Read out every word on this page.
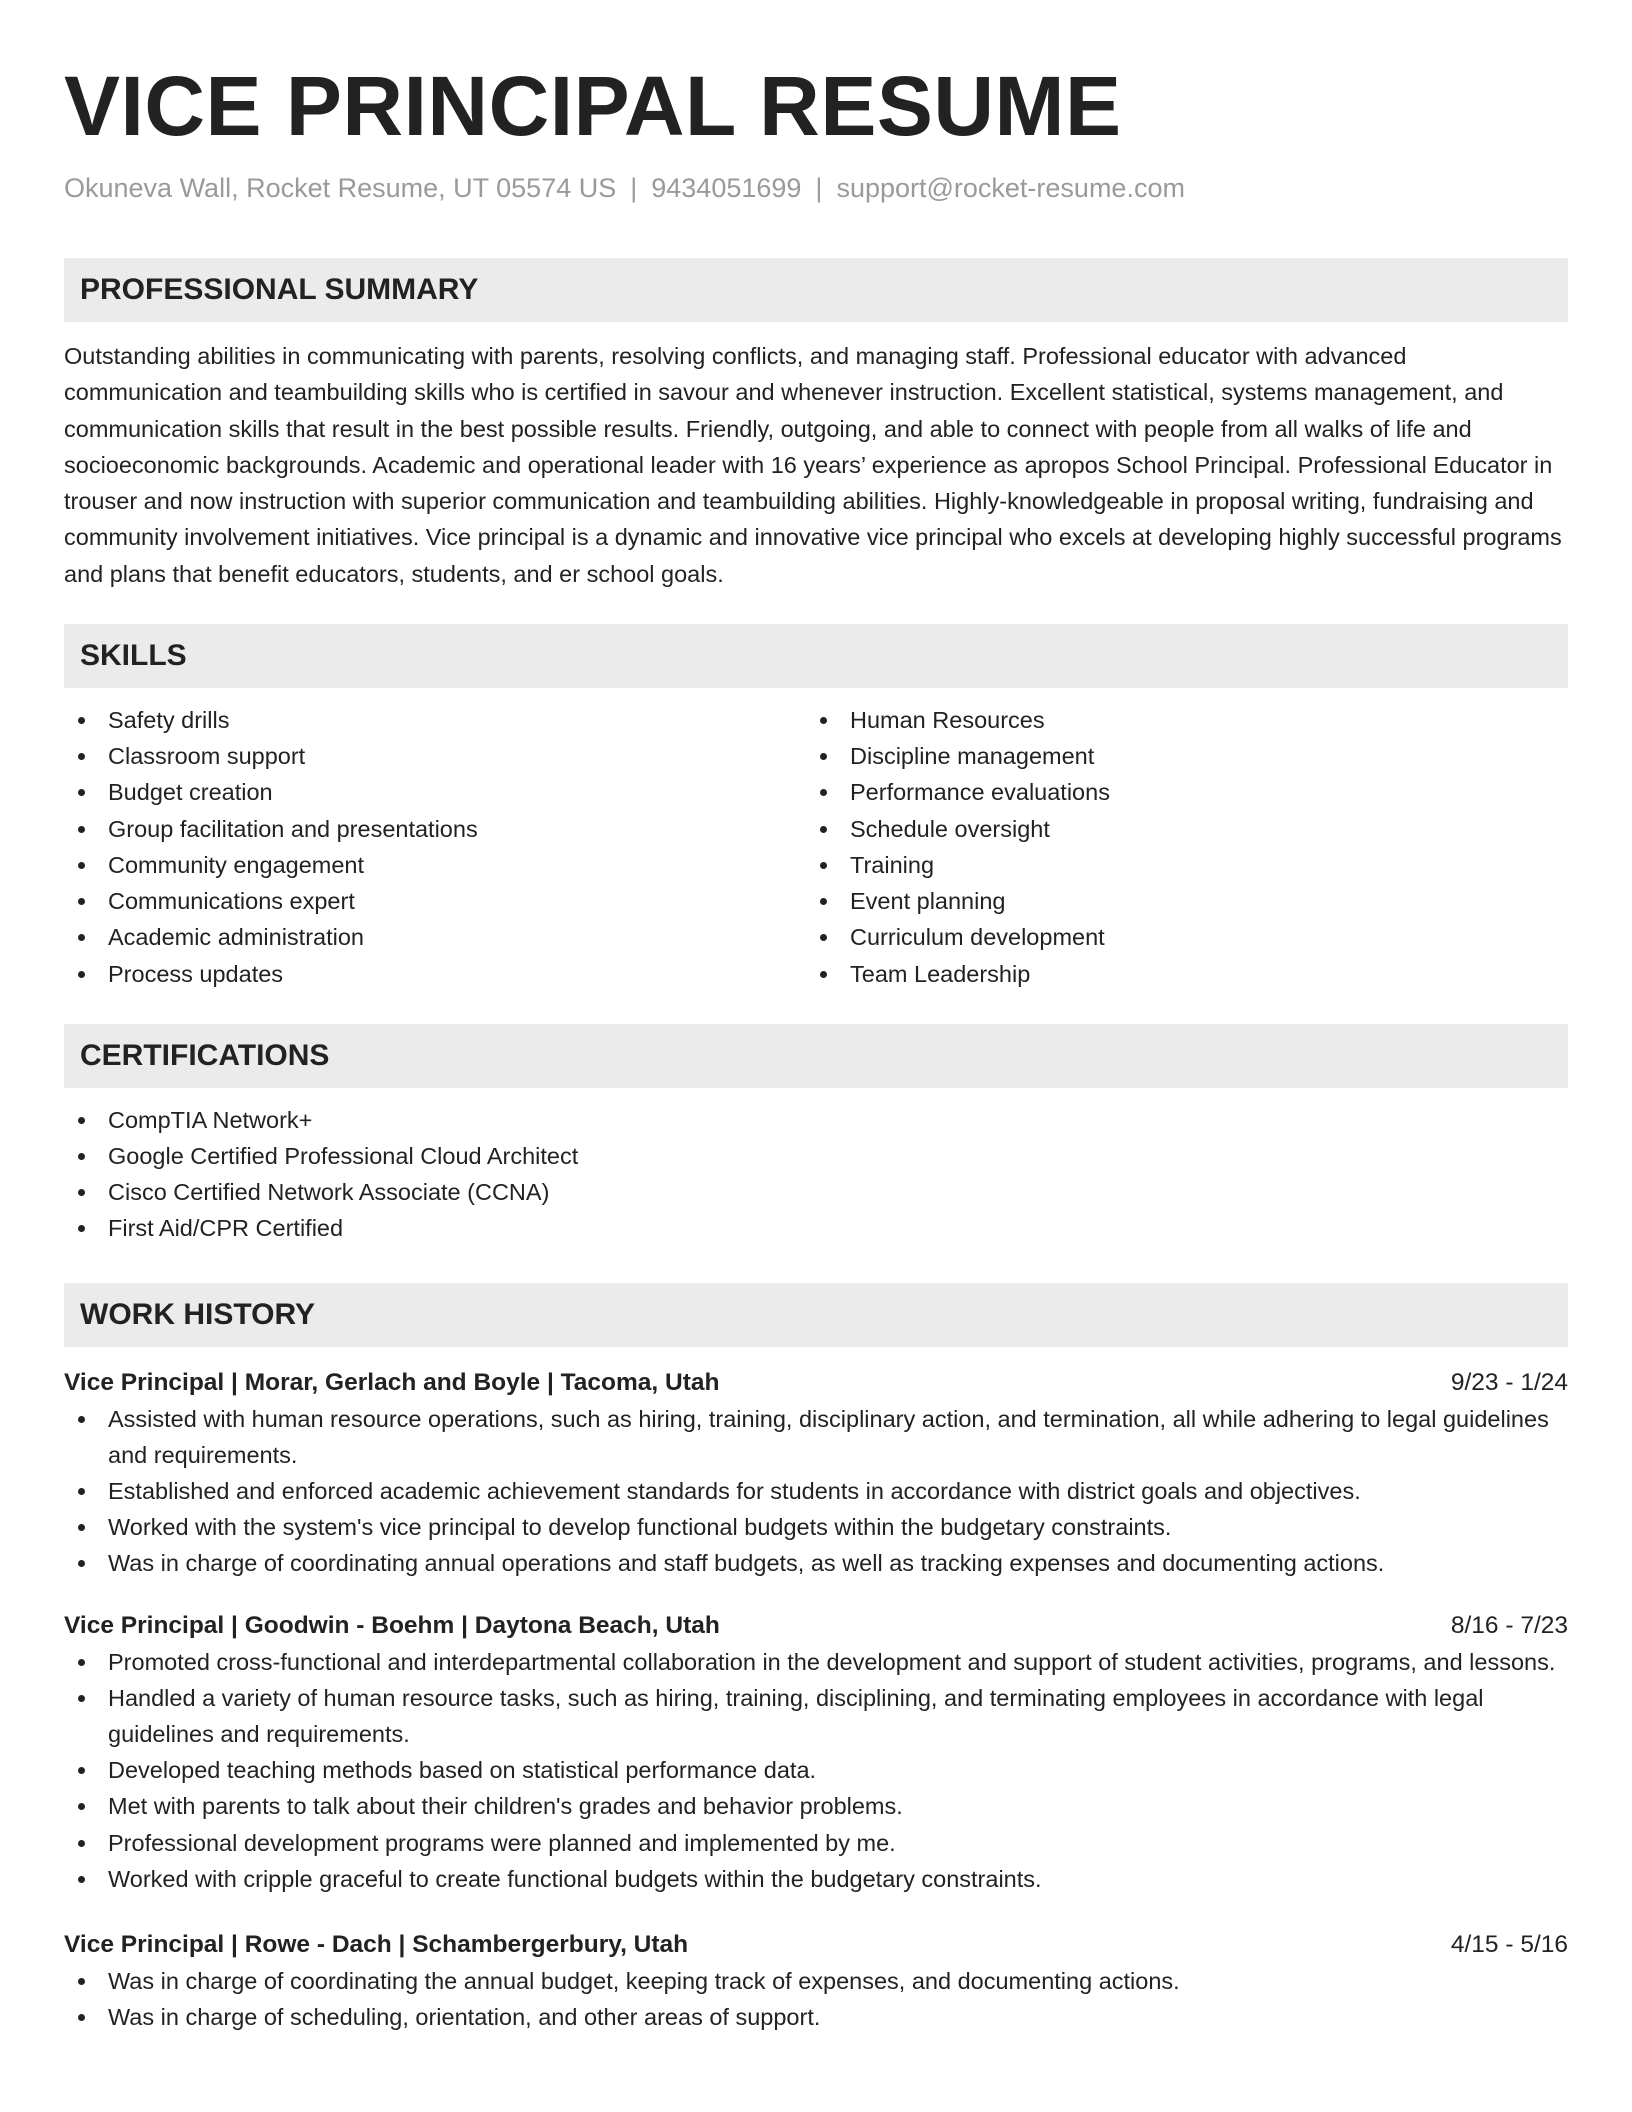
VICE PRINCIPAL RESUME
Okuneva Wall, Rocket Resume, UT 05574 US | 9434051699 | support@rocket-resume.com
PROFESSIONAL SUMMARY

Outstanding abilities in communicating with parents, resolving conflicts, and managing staff. Professional educator with advanced communication and teambuilding skills who is certified in savour and whenever instruction. Excellent statistical, systems management, and communication skills that result in the best possible results. Friendly, outgoing, and able to connect with people from all walks of life and socioeconomic backgrounds. Academic and operational leader with 16 years’ experience as apropos School Principal. Professional Educator in trouser and now instruction with superior communication and teambuilding abilities. Highly-knowledgeable in proposal writing, fundraising and community involvement initiatives. Vice principal is a dynamic and innovative vice principal who excels at developing highly successful programs and plans that benefit educators, students, and er school goals.

SKILLS
Safety drills
Classroom support
Budget creation
Group facilitation and presentations
Community engagement
Communications expert
Academic administration
Process updates
Human Resources
Discipline management
Performance evaluations
Schedule oversight
Training
Event planning
Curriculum development
Team Leadership
CERTIFICATIONS
CompTIA Network+
Google Certified Professional Cloud Architect
Cisco Certified Network Associate (CCNA)
First Aid/CPR Certified
WORK HISTORY
Vice Principal | Morar, Gerlach and Boyle | Tacoma, Utah	9/23 - 1/24
Assisted with human resource operations, such as hiring, training, disciplinary action, and termination, all while adhering to legal guidelines and requirements.
Established and enforced academic achievement standards for students in accordance with district goals and objectives.
Worked with the system's vice principal to develop functional budgets within the budgetary constraints.
Was in charge of coordinating annual operations and staff budgets, as well as tracking expenses and documenting actions.
Vice Principal | Goodwin - Boehm | Daytona Beach, Utah	8/16 - 7/23
Promoted cross-functional and interdepartmental collaboration in the development and support of student activities, programs, and lessons.
Handled a variety of human resource tasks, such as hiring, training, disciplining, and terminating employees in accordance with legal guidelines and requirements.
Developed teaching methods based on statistical performance data.
Met with parents to talk about their children's grades and behavior problems.
Professional development programs were planned and implemented by me.
Worked with cripple graceful to create functional budgets within the budgetary constraints.
Vice Principal | Rowe - Dach | Schambergerbury, Utah	4/15 - 5/16
Was in charge of coordinating the annual budget, keeping track of expenses, and documenting actions.
Was in charge of scheduling, orientation, and other areas of support.
